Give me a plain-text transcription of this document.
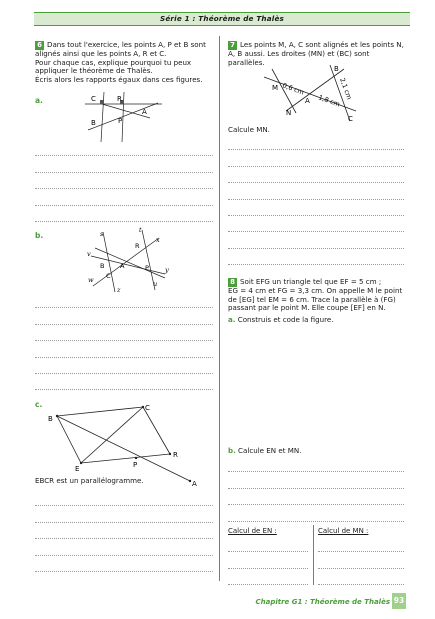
Série 1 : Théorème de Thalès
6 Dans tout l'exercice, les points A, P et B sont
alignés ainsi que les points A, R et C.
Pour chaque cas, explique pourquoi tu peux
appliquer le théorème de Thalès.
Écris alors les rapports égaux dans ces figures.
a.	C	R
A
B	P
b.	s	t
x
v
R
B A	P
C
y
w
z
u
c.
B
C
R
E	P
A
EBCR est un parallélogramme.
7 Les points M, A, C sont alignés et les points N,
A, B aussi. Les droites (MN) et (BC) sont parallèles.
B
M
A
N
C
0,6 cm
1,8 cm
2,1 cm
Calcule MN.
8 Soit EFG un triangle tel que EF = 5 cm ;
EG = 4 cm et FG = 3,3 cm. On appelle M le point
de [EG] tel EM = 6 cm. Trace la parallèle à (FG)
passant par le point M. Elle coupe [EF] en N.
a. Construis et code la figure.
b. Calcule EN et MN.
Calcul de EN :	Calcul de MN :
Chapitre G1 : Théorème de Thalès 93
